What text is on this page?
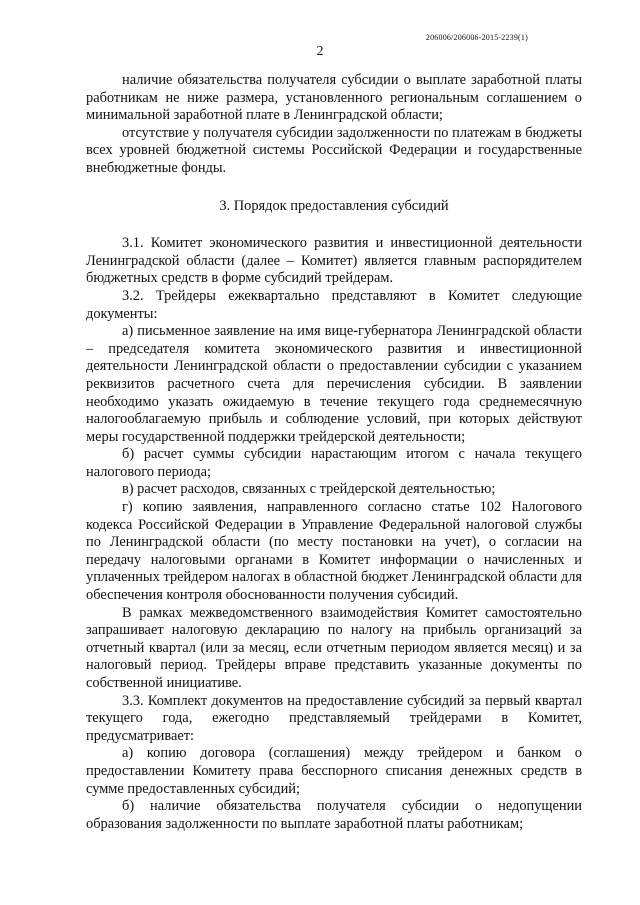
206006/206006-2015-2239(1)
2

наличие обязательства получателя субсидии о выплате заработной платы работникам не ниже размера, установленного региональным соглашением о минимальной заработной плате в Ленинградской области;

отсутствие у получателя субсидии задолженности по платежам в бюджеты всех уровней бюджетной системы Российской Федерации и государственные внебюджетные фонды.

3. Порядок предоставления субсидий

3.1. Комитет экономического развития и инвестиционной деятельности Ленинградской области (далее – Комитет) является главным распорядителем бюджетных средств в форме субсидий трейдерам.

3.2. Трейдеры ежеквартально представляют в Комитет следующие документы:

а) письменное заявление на имя вице-губернатора Ленинградской области – председателя комитета экономического развития и инвестиционной деятельности Ленинградской области о предоставлении субсидии с указанием реквизитов расчетного счета для перечисления субсидии. В заявлении необходимо указать ожидаемую в течение текущего года среднемесячную налогооблагаемую прибыль и соблюдение условий, при которых действуют меры государственной поддержки трейдерской деятельности;

б) расчет суммы субсидии нарастающим итогом с начала текущего налогового периода;

в) расчет расходов, связанных с трейдерской деятельностью;

г) копию заявления, направленного согласно статье 102 Налогового кодекса Российской Федерации в Управление Федеральной налоговой службы по Ленинградской области (по месту постановки на учет), о согласии на передачу налоговыми органами в Комитет информации о начисленных и уплаченных трейдером налогах в областной бюджет Ленинградской области для обеспечения контроля обоснованности получения субсидий.

В рамках межведомственного взаимодействия Комитет самостоятельно запрашивает налоговую декларацию по налогу на прибыль организаций за отчетный квартал (или за месяц, если отчетным периодом является месяц) и за налоговый период. Трейдеры вправе представить указанные документы по собственной инициативе.

3.3. Комплект документов на предоставление субсидий за первый квартал текущего года, ежегодно представляемый трейдерами в Комитет, предусматривает:

а) копию договора (соглашения) между трейдером и банком о предоставлении Комитету права бесспорного списания денежных средств в сумме предоставленных субсидий;

б) наличие обязательства получателя субсидии о недопущении образования задолженности по выплате заработной платы работникам;
